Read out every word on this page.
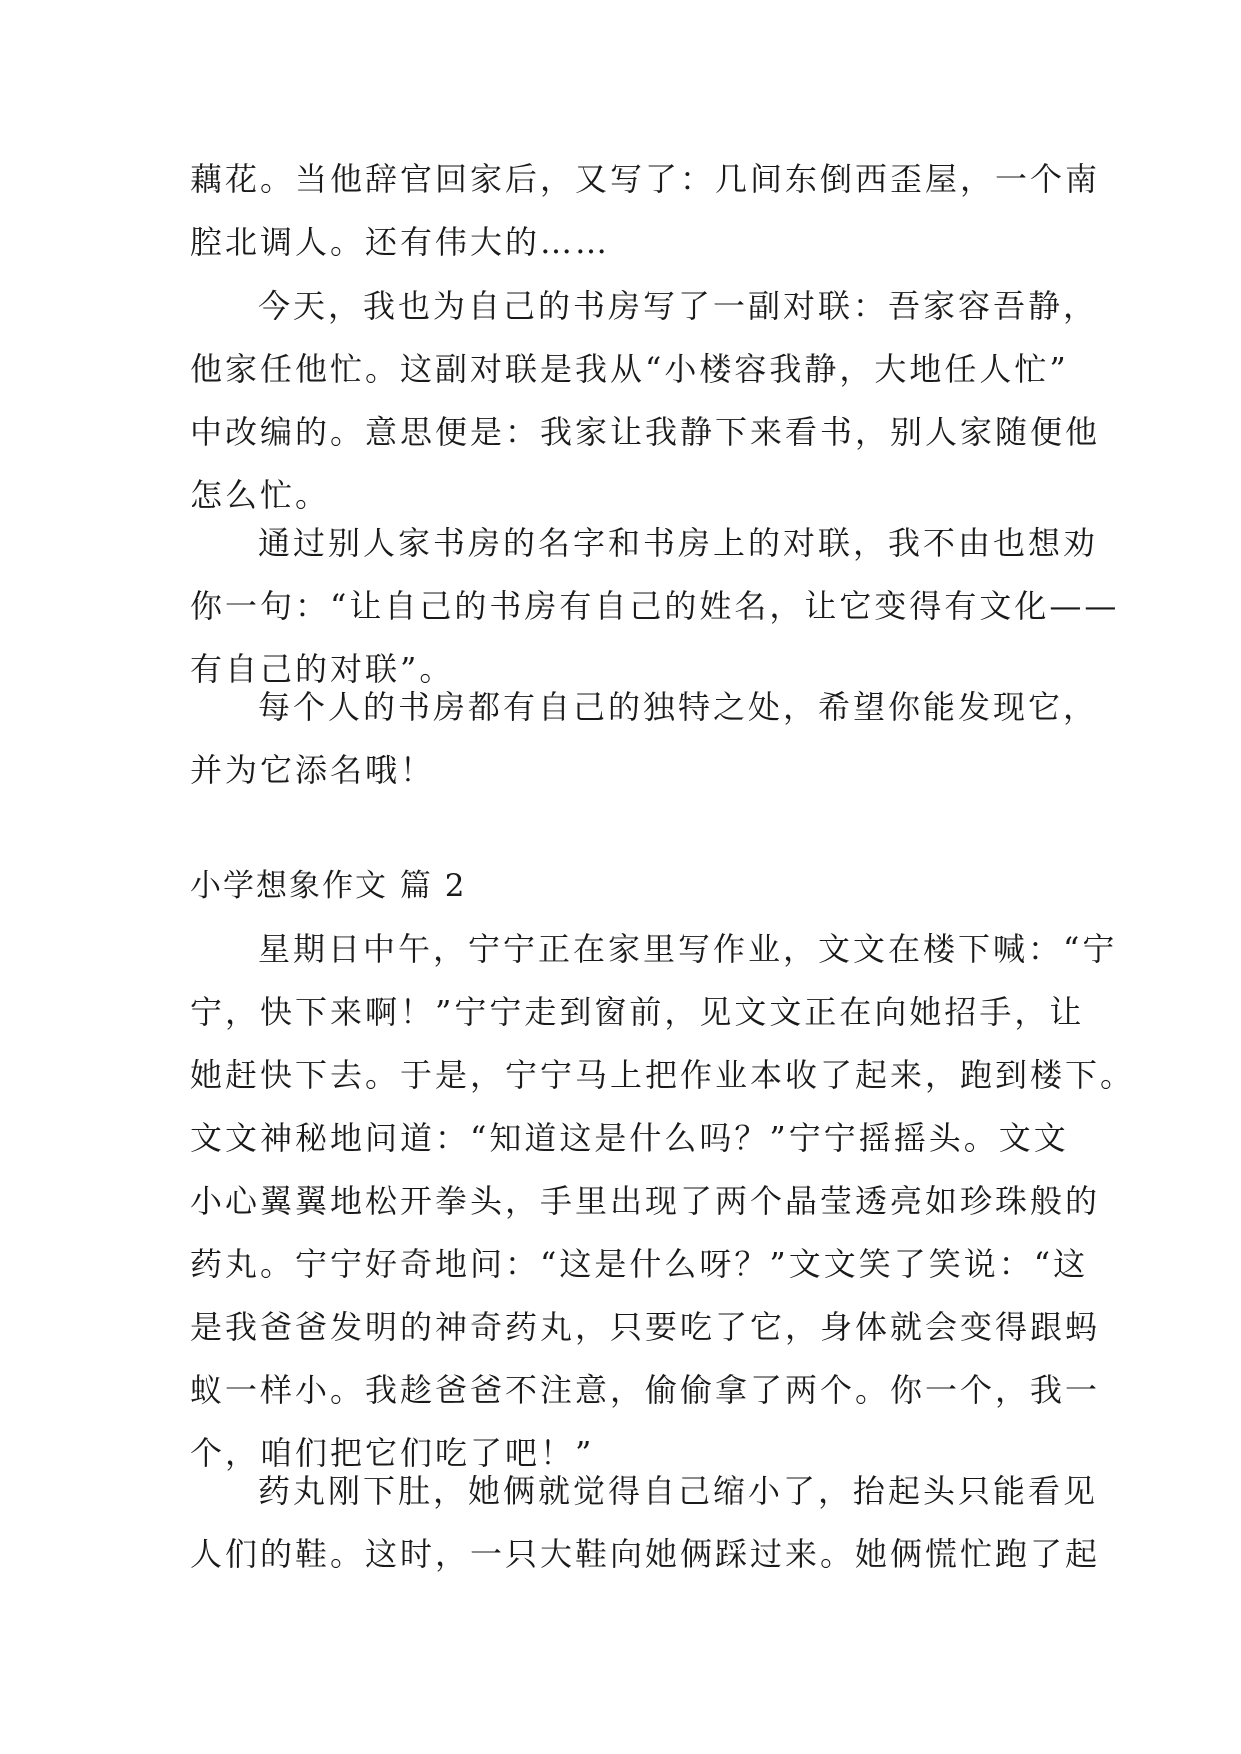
藕花。当他辞官回家后，又写了：几间东倒西歪屋，一个南
腔北调人。还有伟大的……
今天，我也为自己的书房写了一副对联：吾家容吾静，
他家任他忙。这副对联是我从“小楼容我静，大地任人忙”
中改编的。意思便是：我家让我静下来看书，别人家随便他
怎么忙。
通过别人家书房的名字和书房上的对联，我不由也想劝
你一句：“让自己的书房有自己的姓名，让它变得有文化——
有自己的对联”。
每个人的书房都有自己的独特之处，希望你能发现它，
并为它添名哦！
小学想象作文 篇 2
星期日中午，宁宁正在家里写作业，文文在楼下喊：“宁
宁，快下来啊！”宁宁走到窗前，见文文正在向她招手，让
她赶快下去。于是，宁宁马上把作业本收了起来，跑到楼下。
文文神秘地问道：“知道这是什么吗？”宁宁摇摇头。文文
小心翼翼地松开拳头，手里出现了两个晶莹透亮如珍珠般的
药丸。宁宁好奇地问：“这是什么呀？”文文笑了笑说：“这
是我爸爸发明的神奇药丸，只要吃了它，身体就会变得跟蚂
蚁一样小。我趁爸爸不注意，偷偷拿了两个。你一个，我一
个，咱们把它们吃了吧！”
药丸刚下肚，她俩就觉得自己缩小了，抬起头只能看见
人们的鞋。这时，一只大鞋向她俩踩过来。她俩慌忙跑了起
